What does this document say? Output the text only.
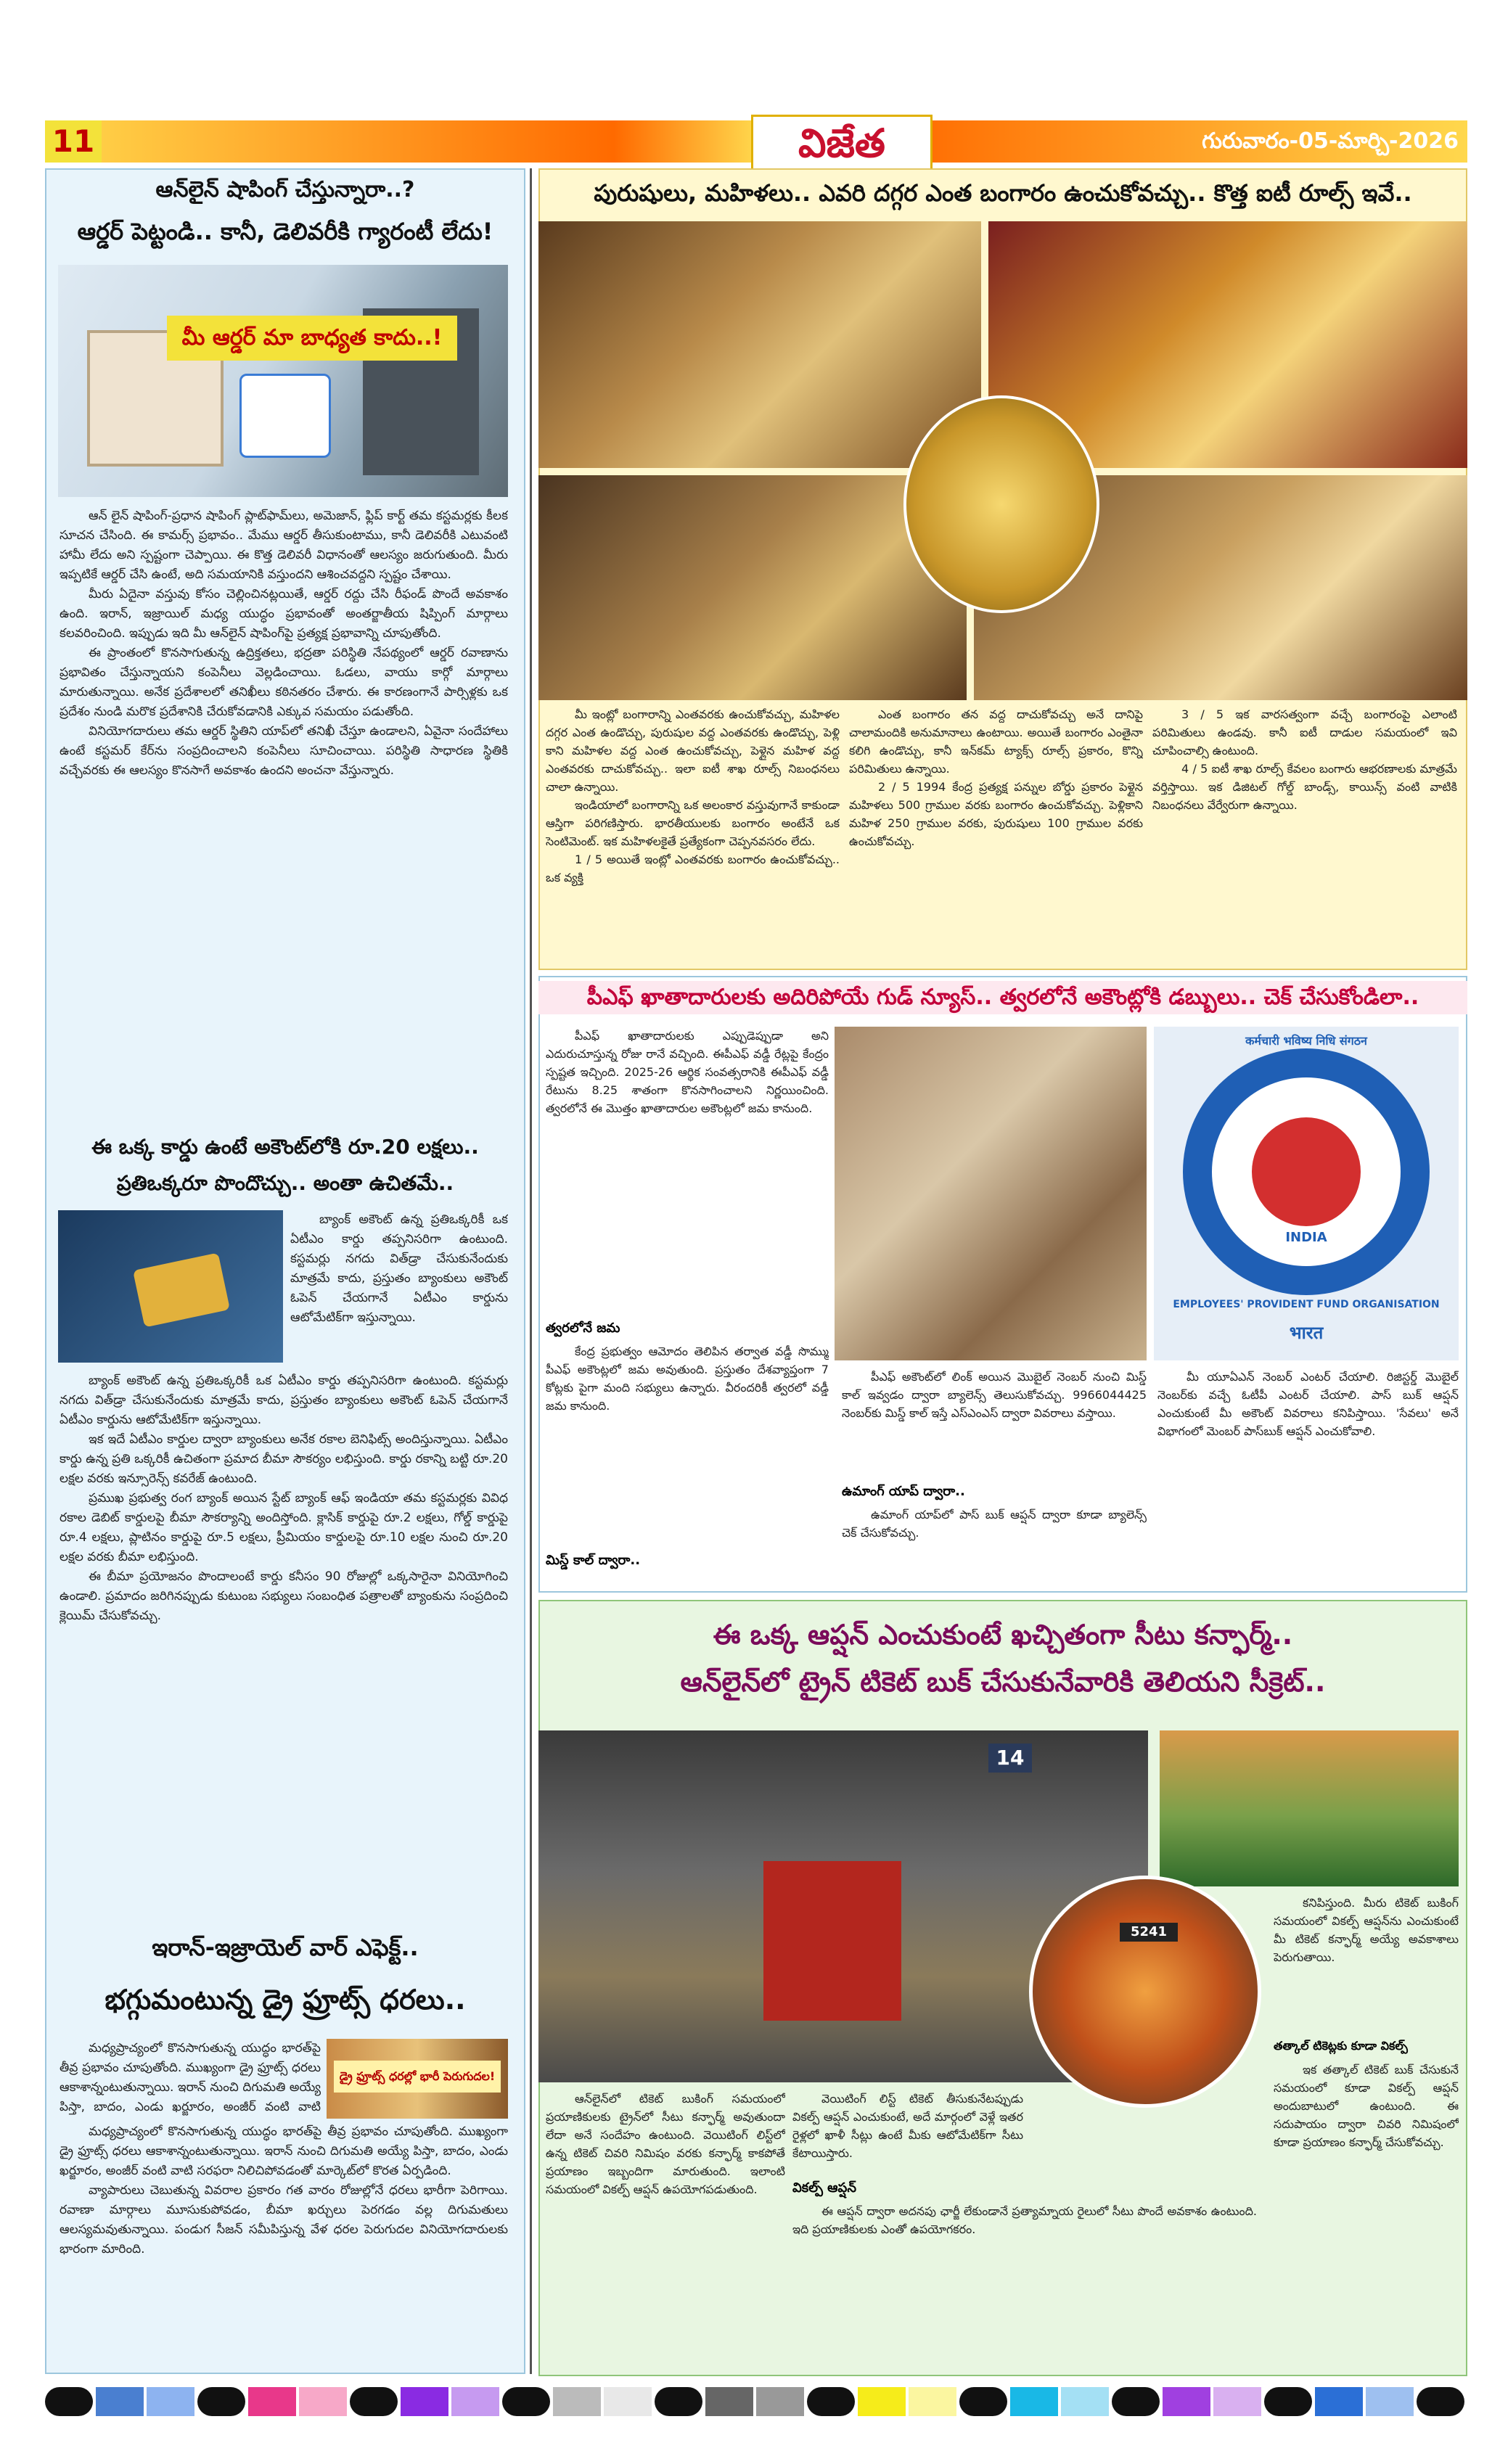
11	విజేత	గురువారం-05-మార్చి-2026
ఆన్‌లైన్ షాపింగ్ చేస్తున్నారా..?
ఆర్డర్ పెట్టండి.. కానీ, డెలివరీకి గ్యారంటీ లేదు!
మీ ఆర్డర్ మా బాధ్యత కాదు..!

ఆన్ లైన్ షాపింగ్-ప్రధాన షాపింగ్ ప్లాట్‌ఫామ్‌లు, అమెజాన్, ఫ్లిప్ కార్ట్ తమ కస్టమర్లకు కీలక సూచన చేసింది. ఈ కామర్స్ ప్రభావం.. మేము ఆర్డర్ తీసుకుంటాము, కానీ డెలివరీకి ఎటువంటి హామీ లేదు అని స్పష్టంగా చెప్పాయి. ఈ కొత్త డెలివరీ విధానంతో ఆలస్యం జరుగుతుంది. మీరు ఇప్పటికే ఆర్డర్ చేసి ఉంటే, అది సమయానికి వస్తుందని ఆశించవద్దని స్పష్టం చేశాయి.

మీరు ఏదైనా వస్తువు కోసం చెల్లించినట్లయితే, ఆర్డర్ రద్దు చేసి రీఫండ్ పొందే అవకాశం ఉంది. ఇరాన్, ఇజ్రాయిల్ మధ్య యుద్ధం ప్రభావంతో అంతర్జాతీయ షిప్పింగ్ మార్గాలు కలవరించింది. ఇప్పుడు ఇది మీ ఆన్‌లైన్ షాపింగ్‌పై ప్రత్యక్ష ప్రభావాన్ని చూపుతోంది.

ఈ ప్రాంతంలో కొనసాగుతున్న ఉద్రిక్తతలు, భద్రతా పరిస్థితి నేపథ్యంలో ఆర్డర్ రవాణాను ప్రభావితం చేస్తున్నాయని కంపెనీలు వెల్లడించాయి. ఓడలు, వాయు కార్గో మార్గాలు మారుతున్నాయి. అనేక ప్రదేశాలలో తనిఖీలు కఠినతరం చేశారు. ఈ కారణంగానే పార్సిళ్లకు ఒక ప్రదేశం నుండి మరొక ప్రదేశానికి చేరుకోవడానికి ఎక్కువ సమయం పడుతోంది.

వినియోగదారులు తమ ఆర్డర్ స్థితిని యాప్‌లో తనిఖీ చేస్తూ ఉండాలని, ఏవైనా సందేహాలు ఉంటే కస్టమర్ కేర్‌ను సంప్రదించాలని కంపెనీలు సూచించాయి. పరిస్థితి సాధారణ స్థితికి వచ్చేవరకు ఈ ఆలస్యం కొనసాగే అవకాశం ఉందని అంచనా వేస్తున్నారు.

ఈ ఒక్క కార్డు ఉంటే అకౌంట్‌లోకి రూ.20 లక్షలు..
ప్రతిఒక్కరూ పొందొచ్చు.. అంతా ఉచితమే..

బ్యాంక్ అకౌంట్ ఉన్న ప్రతిఒక్కరికీ ఒక ఏటీఎం కార్డు తప్పనిసరిగా ఉంటుంది. కస్టమర్లు నగదు విత్‌డ్రా చేసుకునేందుకు మాత్రమే కాదు, ప్రస్తుతం బ్యాంకులు అకౌంట్ ఓపెన్ చేయగానే ఏటీఎం కార్డును ఆటోమేటిక్‌గా ఇస్తున్నాయి.

ఇక ఇదే ఏటీఎం కార్డుల ద్వారా బ్యాంకులు అనేక రకాల బెనిఫిట్స్ అందిస్తున్నాయి. ఏటీఎం కార్డు ఉన్న ప్రతి ఒక్కరికీ ఉచితంగా ప్రమాద బీమా సౌకర్యం లభిస్తుంది. కార్డు రకాన్ని బట్టి రూ.20 లక్షల వరకు ఇన్సూరెన్స్ కవరేజ్ ఉంటుంది.

ప్రముఖ ప్రభుత్వ రంగ బ్యాంక్ అయిన స్టేట్ బ్యాంక్ ఆఫ్ ఇండియా తమ కస్టమర్లకు వివిధ రకాల డెబిట్ కార్డులపై బీమా సౌకర్యాన్ని అందిస్తోంది. క్లాసిక్ కార్డుపై రూ.2 లక్షలు, గోల్డ్ కార్డుపై రూ.4 లక్షలు, ప్లాటినం కార్డుపై రూ.5 లక్షలు, ప్రీమియం కార్డులపై రూ.10 లక్షల నుంచి రూ.20 లక్షల వరకు బీమా లభిస్తుంది.

ఈ బీమా ప్రయోజనం పొందాలంటే కార్డు కనీసం 90 రోజుల్లో ఒక్కసారైనా వినియోగించి ఉండాలి. ప్రమాదం జరిగినప్పుడు కుటుంబ సభ్యులు సంబంధిత పత్రాలతో బ్యాంకును సంప్రదించి క్లెయిమ్ చేసుకోవచ్చు.

బ్యాంక్ అకౌంట్ ఉన్న ప్రతిఒక్కరికీ ఒక ఏటీఎం కార్డు తప్పనిసరిగా ఉంటుంది. కస్టమర్లు నగదు విత్‌డ్రా చేసుకునేందుకు మాత్రమే కాదు, ప్రస్తుతం బ్యాంకులు అకౌంట్ ఓపెన్ చేయగానే ఏటీఎం కార్డును ఆటోమేటిక్‌గా ఇస్తున్నాయి.

ఇరాన్-ఇజ్రాయెల్ వార్ ఎఫెక్ట్..
భగ్గుమంటున్న డ్రై ఫ్రూట్స్ ధరలు..
డ్రై ఫ్రూట్స్ ధరల్లో భారీ పెరుగుదల!

మధ్యప్రాచ్యంలో కొనసాగుతున్న యుద్ధం భారత్‌పై తీవ్ర ప్రభావం చూపుతోంది. ముఖ్యంగా డ్రై ఫ్రూట్స్ ధరలు ఆకాశాన్నంటుతున్నాయి. ఇరాన్ నుంచి దిగుమతి అయ్యే పిస్తా, బాదం, ఎండు ఖర్జూరం, అంజీర్ వంటి వాటి

మధ్యప్రాచ్యంలో కొనసాగుతున్న యుద్ధం భారత్‌పై తీవ్ర ప్రభావం చూపుతోంది. ముఖ్యంగా డ్రై ఫ్రూట్స్ ధరలు ఆకాశాన్నంటుతున్నాయి. ఇరాన్ నుంచి దిగుమతి అయ్యే పిస్తా, బాదం, ఎండు ఖర్జూరం, అంజీర్ వంటి వాటి సరఫరా నిలిచిపోవడంతో మార్కెట్‌లో కొరత ఏర్పడింది.

వ్యాపారులు చెబుతున్న వివరాల ప్రకారం గత వారం రోజుల్లోనే ధరలు భారీగా పెరిగాయి. రవాణా మార్గాలు మూసుకుపోవడం, బీమా ఖర్చులు పెరగడం వల్ల దిగుమతులు ఆలస్యమవుతున్నాయి. పండుగ సీజన్ సమీపిస్తున్న వేళ ధరల పెరుగుదల వినియోగదారులకు భారంగా మారింది.

పురుషులు, మహిళలు.. ఎవరి దగ్గర ఎంత బంగారం ఉంచుకోవచ్చు.. కొత్త ఐటీ రూల్స్ ఇవే..

మీ ఇంట్లో బంగారాన్ని ఎంతవరకు ఉంచుకోవచ్చు, మహిళల దగ్గర ఎంత ఉండొచ్చు, పురుషుల వద్ద ఎంతవరకు ఉండొచ్చు, పెళ్లి కాని మహిళల వద్ద ఎంత ఉంచుకోవచ్చు, పెళ్లైన మహిళ వద్ద ఎంతవరకు దాచుకోవచ్చు.. ఇలా ఐటీ శాఖ రూల్స్ నిబంధనలు చాలా ఉన్నాయి.

ఇండియాలో బంగారాన్ని ఒక అలంకార వస్తువుగానే కాకుండా ఆస్తిగా పరిగణిస్తారు. భారతీయులకు బంగారం అంటేనే ఒక సెంటిమెంట్. ఇక మహిళలకైతే ప్రత్యేకంగా చెప్పనవసరం లేదు.

1 / 5 అయితే ఇంట్లో ఎంతవరకు బంగారం ఉంచుకోవచ్చు.. ఒక వ్యక్తి

ఎంత బంగారం తన వద్ద దాచుకోవచ్చు అనే దానిపై చాలామందికి అనుమానాలు ఉంటాయి. అయితే బంగారం ఎంతైనా కలిగి ఉండొచ్చు, కానీ ఇన్‌కమ్ ట్యాక్స్ రూల్స్ ప్రకారం, కొన్ని పరిమితులు ఉన్నాయి.

2 / 5 1994 కేంద్ర ప్రత్యక్ష పన్నుల బోర్డు ప్రకారం పెళ్లైన మహిళలు 500 గ్రాముల వరకు బంగారం ఉంచుకోవచ్చు. పెళ్లికాని మహిళ 250 గ్రాముల వరకు, పురుషులు 100 గ్రాముల వరకు ఉంచుకోవచ్చు.

3 / 5 ఇక వారసత్వంగా వచ్చే బంగారంపై ఎలాంటి పరిమితులు ఉండవు. కానీ ఐటీ దాడుల సమయంలో ఇవి చూపించాల్సి ఉంటుంది.

4 / 5 ఐటీ శాఖ రూల్స్ కేవలం బంగారు ఆభరణాలకు మాత్రమే వర్తిస్తాయి. ఇక డిజిటల్ గోల్డ్ బాండ్స్, కాయిన్స్ వంటి వాటికి నిబంధనలు వేర్వేరుగా ఉన్నాయి.

పీఎఫ్ ఖాతాదారులకు అదిరిపోయే గుడ్ న్యూస్.. త్వరలోనే అకౌంట్లోకి డబ్బులు.. చెక్ చేసుకోండిలా..

పీఎఫ్ ఖాతాదారులకు ఎప్పుడెప్పుడా అని ఎదురుచూస్తున్న రోజు రానే వచ్చింది. ఈపీఎఫ్ వడ్డీ రేట్లపై కేంద్రం స్పష్టత ఇచ్చింది. 2025-26 ఆర్థిక సంవత్సరానికి ఈపీఎఫ్ వడ్డీ రేటును 8.25 శాతంగా కొనసాగించాలని నిర్ణయించింది. త్వరలోనే ఈ మొత్తం ఖాతాదారుల అకౌంట్లలో జమ కానుంది.

INDIA
कर्मचारी भविष्य निधि संगठन
EMPLOYEES' PROVIDENT FUND ORGANISATION
भारत
త్వరలోనే జమ

కేంద్ర ప్రభుత్వం ఆమోదం తెలిపిన తర్వాత వడ్డీ సొమ్ము పీఎఫ్ అకౌంట్లలో జమ అవుతుంది. ప్రస్తుతం దేశవ్యాప్తంగా 7 కోట్లకు పైగా మంది సభ్యులు ఉన్నారు. వీరందరికీ త్వరలో వడ్డీ జమ కానుంది.

మిస్డ్ కాల్ ద్వారా..

పీఎఫ్ అకౌంట్‌లో లింక్ అయిన మొబైల్ నెంబర్ నుంచి మిస్డ్ కాల్ ఇవ్వడం ద్వారా బ్యాలెన్స్ తెలుసుకోవచ్చు. 9966044425 నెంబర్‌కు మిస్డ్ కాల్ ఇస్తే ఎస్ఎంఎస్ ద్వారా వివరాలు వస్తాయి.

ఉమాంగ్ యాప్ ద్వారా..

ఉమాంగ్ యాప్‌లో పాస్ బుక్ ఆప్షన్ ద్వారా కూడా బ్యాలెన్స్ చెక్ చేసుకోవచ్చు.

మీ యూఏఎన్ నెంబర్ ఎంటర్ చేయాలి. రిజిస్టర్డ్ మొబైల్ నెంబర్‌కు వచ్చే ఓటీపీ ఎంటర్ చేయాలి. పాస్ బుక్ ఆప్షన్ ఎంచుకుంటే మీ అకౌంట్ వివరాలు కనిపిస్తాయి. 'సేవలు' అనే విభాగంలో మెంబర్ పాస్‌బుక్ ఆప్షన్ ఎంచుకోవాలి.

ఈ ఒక్క ఆప్షన్ ఎంచుకుంటే ఖచ్చితంగా సీటు కన్ఫార్మ్..
ఆన్‌లైన్‌లో ట్రైన్ టికెట్ బుక్ చేసుకునేవారికి తెలియని సీక్రెట్..
14
5241

ఆన్‌లైన్‌లో టికెట్ బుకింగ్ సమయంలో ప్రయాణికులకు ట్రైన్‌లో సీటు కన్ఫార్మ్ అవుతుందా లేదా అనే సందేహం ఉంటుంది. వెయిటింగ్ లిస్ట్‌లో ఉన్న టికెట్ చివరి నిమిషం వరకు కన్ఫార్మ్ కాకపోతే ప్రయాణం ఇబ్బందిగా మారుతుంది. ఇలాంటి సమయంలో వికల్ప్ ఆప్షన్ ఉపయోగపడుతుంది.

వెయిటింగ్ లిస్ట్ టికెట్ తీసుకునేటప్పుడు వికల్ప్ ఆప్షన్ ఎంచుకుంటే, అదే మార్గంలో వెళ్లే ఇతర రైళ్లలో ఖాళీ సీట్లు ఉంటే మీకు ఆటోమేటిక్‌గా సీటు కేటాయిస్తారు.

వికల్ప్ ఆప్షన్

ఈ ఆప్షన్ ద్వారా అదనపు ఛార్జీ లేకుండానే ప్రత్యామ్నాయ రైలులో సీటు పొందే అవకాశం ఉంటుంది. ఇది ప్రయాణికులకు ఎంతో ఉపయోగకరం.

కనిపిస్తుంది. మీరు టికెట్ బుకింగ్ సమయంలో వికల్ప్ ఆప్షన్‌ను ఎంచుకుంటే మీ టికెట్ కన్ఫార్మ్ అయ్యే అవకాశాలు పెరుగుతాయి.

తత్కాల్ టికెట్లకు కూడా వికల్ప్

ఇక తత్కాల్ టికెట్ బుక్ చేసుకునే సమయంలో కూడా వికల్ప్ ఆప్షన్ అందుబాటులో ఉంటుంది. ఈ సదుపాయం ద్వారా చివరి నిమిషంలో కూడా ప్రయాణం కన్ఫార్మ్ చేసుకోవచ్చు.
